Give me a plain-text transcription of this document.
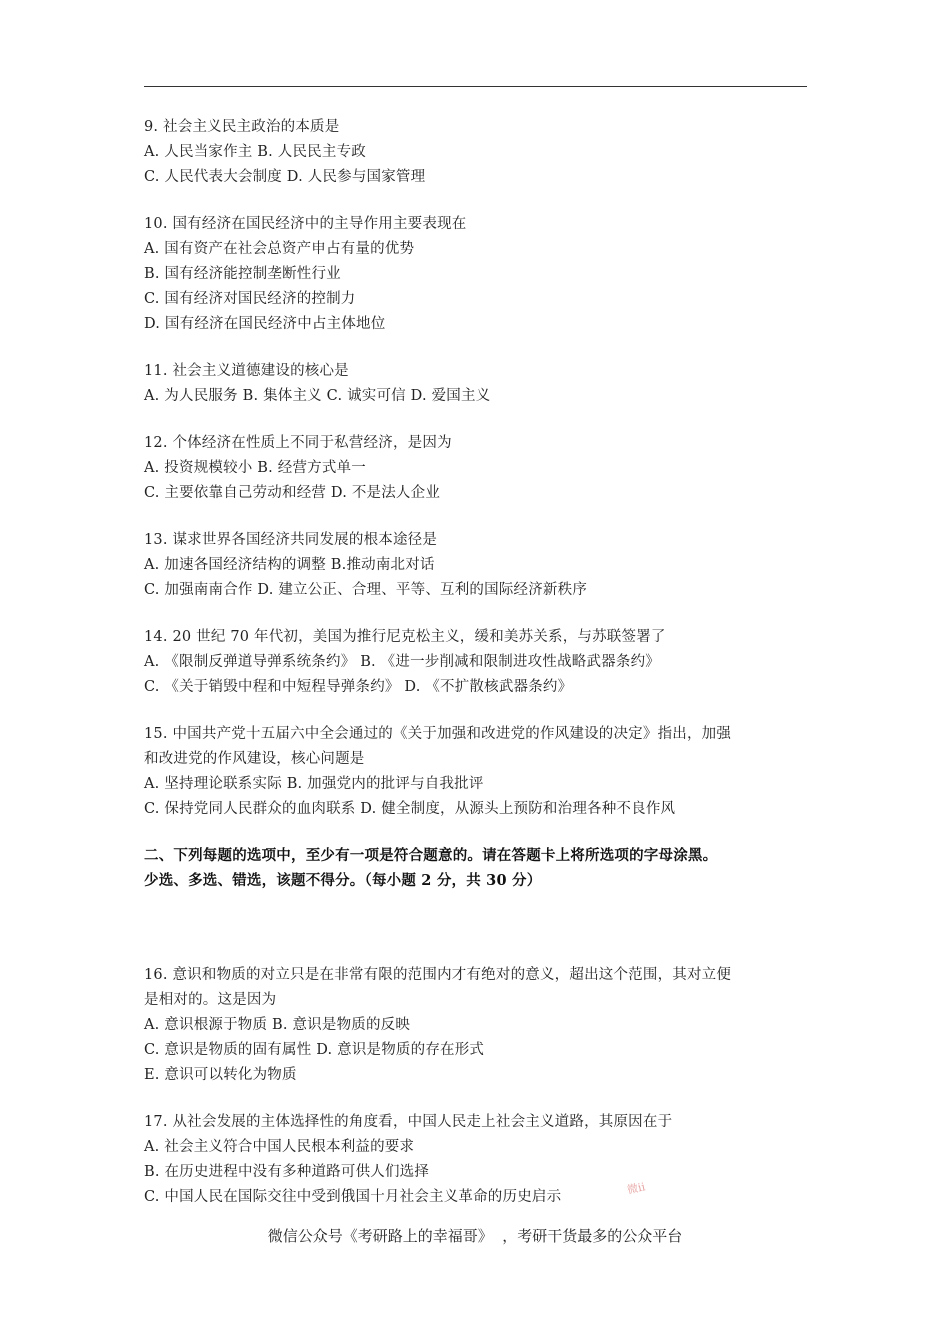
9. 社会主义民主政治的本质是
A. 人民当家作主 B. 人民民主专政
C. 人民代表大会制度 D. 人民参与国家管理
10. 国有经济在国民经济中的主导作用主要表现在
A. 国有资产在社会总资产申占有量的优势
B. 国有经济能控制垄断性行业
C. 国有经济对国民经济的控制力
D. 国有经济在国民经济中占主体地位
11. 社会主义道德建设的核心是
A. 为人民服务 B. 集体主义 C. 诚实可信 D. 爱国主义
12. 个体经济在性质上不同于私营经济，是因为
A. 投资规模较小 B. 经营方式单一
C. 主要依靠自己劳动和经营 D. 不是法人企业
13. 谋求世界各国经济共同发展的根本途径是
A. 加速各国经济结构的调整 B.推动南北对话
C. 加强南南合作 D. 建立公正、合理、平等、互利的国际经济新秩序
14. 20 世纪 70 年代初，美国为推行尼克松主义，缓和美苏关系，与苏联签署了
A. 《限制反弹道导弹系统条约》 B. 《进一步削减和限制进攻性战略武器条约》
C. 《关于销毁中程和中短程导弹条约》 D. 《不扩散核武器条约》
15. 中国共产党十五届六中全会通过的《关于加强和改进党的作风建设的决定》指出，加强
和改进党的作风建设，核心问题是
A. 坚持理论联系实际 B. 加强党内的批评与自我批评
C. 保持党同人民群众的血肉联系 D. 健全制度，从源头上预防和治理各种不良作风
二、下列每题的选项中，至少有一项是符合题意的。请在答题卡上将所选项的字母涂黑。
少选、多选、错选，该题不得分。（每小题 2 分，共 30 分）
16. 意识和物质的对立只是在非常有限的范围内才有绝对的意义，超出这个范围，其对立便
是相对的。这是因为
A. 意识根源于物质 B. 意识是物质的反映
C. 意识是物质的固有属性 D. 意识是物质的存在形式
E. 意识可以转化为物质
17. 从社会发展的主体选择性的角度看，中国人民走上社会主义道路，其原因在于
A. 社会主义符合中国人民根本利益的要求
B. 在历史进程中没有多种道路可供人们选择
C. 中国人民在国际交往中受到俄国十月社会主义革命的历史启示
微ii
微信公众号《考研路上的幸福哥》  ，考研干货最多的公众平台
